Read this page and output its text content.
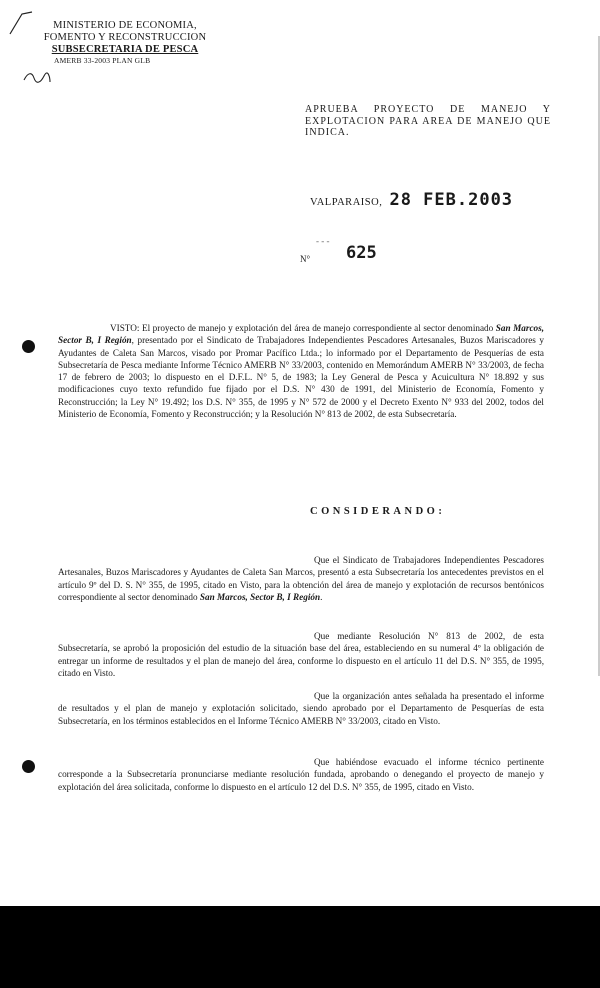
MINISTERIO DE ECONOMIA,
FOMENTO Y RECONSTRUCCION
SUBSECRETARIA DE PESCA
AMERB 33-2003 PLAN GLB
APRUEBA PROYECTO DE MANEJO Y EXPLOTACION PARA AREA DE MANEJO QUE INDICA.
VALPARAISO, 28 FEB.2003
- - -
N° 625
VISTO: El proyecto de manejo y explotación del área de manejo correspondiente al sector denominado San Marcos, Sector B, I Región, presentado por el Sindicato de Trabajadores Independientes Pescadores Artesanales, Buzos Mariscadores y Ayudantes de Caleta San Marcos, visado por Promar Pacífico Ltda.; lo informado por el Departamento de Pesquerías de esta Subsecretaría de Pesca mediante Informe Técnico AMERB N° 33/2003, contenido en Memorándum AMERB N° 33/2003, de fecha 17 de febrero de 2003; lo dispuesto en el D.F.L. N° 5, de 1983; la Ley General de Pesca y Acuicultura N° 18.892 y sus modificaciones cuyo texto refundido fue fijado por el D.S. N° 430 de 1991, del Ministerio de Economía, Fomento y Reconstrucción; la Ley N° 19.492; los D.S. N° 355, de 1995 y N° 572 de 2000 y el Decreto Exento N° 933 del 2002, todos del Ministerio de Economía, Fomento y Reconstrucción; y la Resolución N° 813 de 2002, de esta Subsecretaría.
CONSIDERANDO:
Que el Sindicato de Trabajadores Independientes Pescadores Artesanales, Buzos Mariscadores y Ayudantes de Caleta San Marcos, presentó a esta Subsecretaría los antecedentes previstos en el artículo 9º del D. S. N° 355, de 1995, citado en Visto, para la obtención del área de manejo y explotación de recursos bentónicos correspondiente al sector denominado San Marcos, Sector B, I Región.
Que mediante Resolución N° 813 de 2002, de esta Subsecretaría, se aprobó la proposición del estudio de la situación base del área, estableciendo en su numeral 4º la obligación de entregar un informe de resultados y el plan de manejo del área, conforme lo dispuesto en el artículo 11 del D.S. N° 355, de 1995, citado en Visto.
Que la organización antes señalada ha presentado el informe de resultados y el plan de manejo y explotación solicitado, siendo aprobado por el Departamento de Pesquerías de esta Subsecretaría, en los términos establecidos en el Informe Técnico AMERB N° 33/2003, citado en Visto.
Que habiéndose evacuado el informe técnico pertinente corresponde a la Subsecretaría pronunciarse mediante resolución fundada, aprobando o denegando el proyecto de manejo y explotación del área solicitada, conforme lo dispuesto en el artículo 12 del D.S. N° 355, de 1995, citado en Visto.
